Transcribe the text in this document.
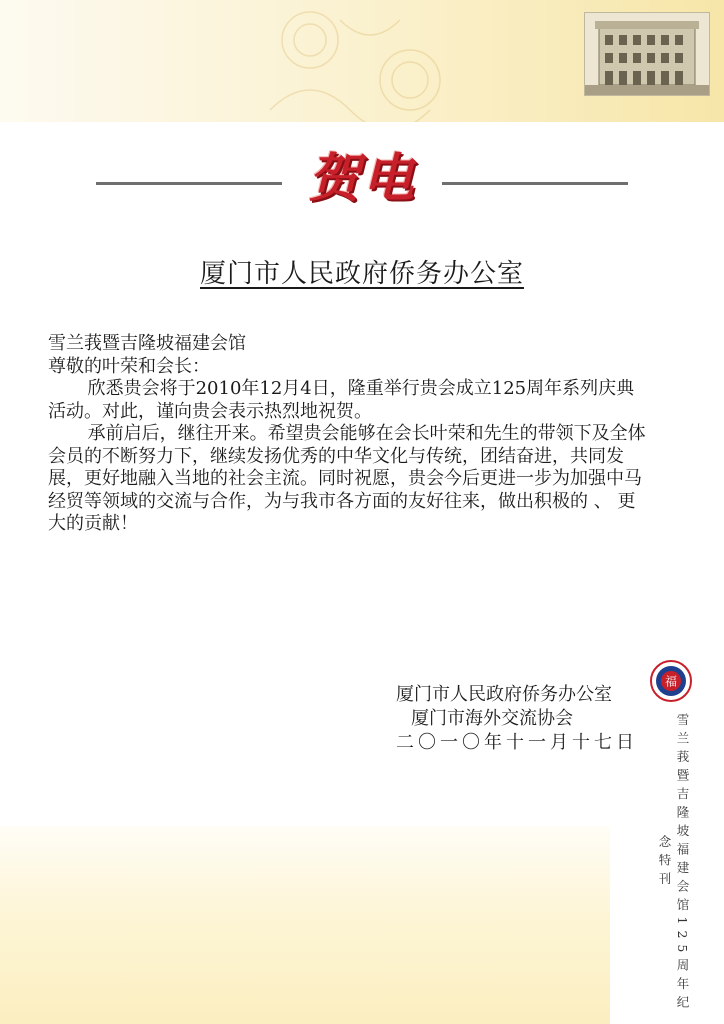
贺电
厦门市人民政府侨务办公室

雪兰莪暨吉隆坡福建会馆

尊敬的叶荣和会长：

欣悉贵会将于2010年12月4日，隆重举行贵会成立125周年系列庆典活动。对此，谨向贵会表示热烈地祝贺。

承前启后，继往开来。希望贵会能够在会长叶荣和先生的带领下及全体会员的不断努力下，继续发扬优秀的中华文化与传统，团结奋进，共同发展，更好地融入当地的社会主流。同时祝愿，贵会今后更进一步为加强中马经贸等领域的交流与合作，为与我市各方面的友好往来，做出积极的 、 更大的贡献！

厦门市人民政府侨务办公室

厦门市海外交流协会

二〇一〇年十一月十七日

福
雪兰莪暨吉隆坡福建会馆125周年纪念特刊
